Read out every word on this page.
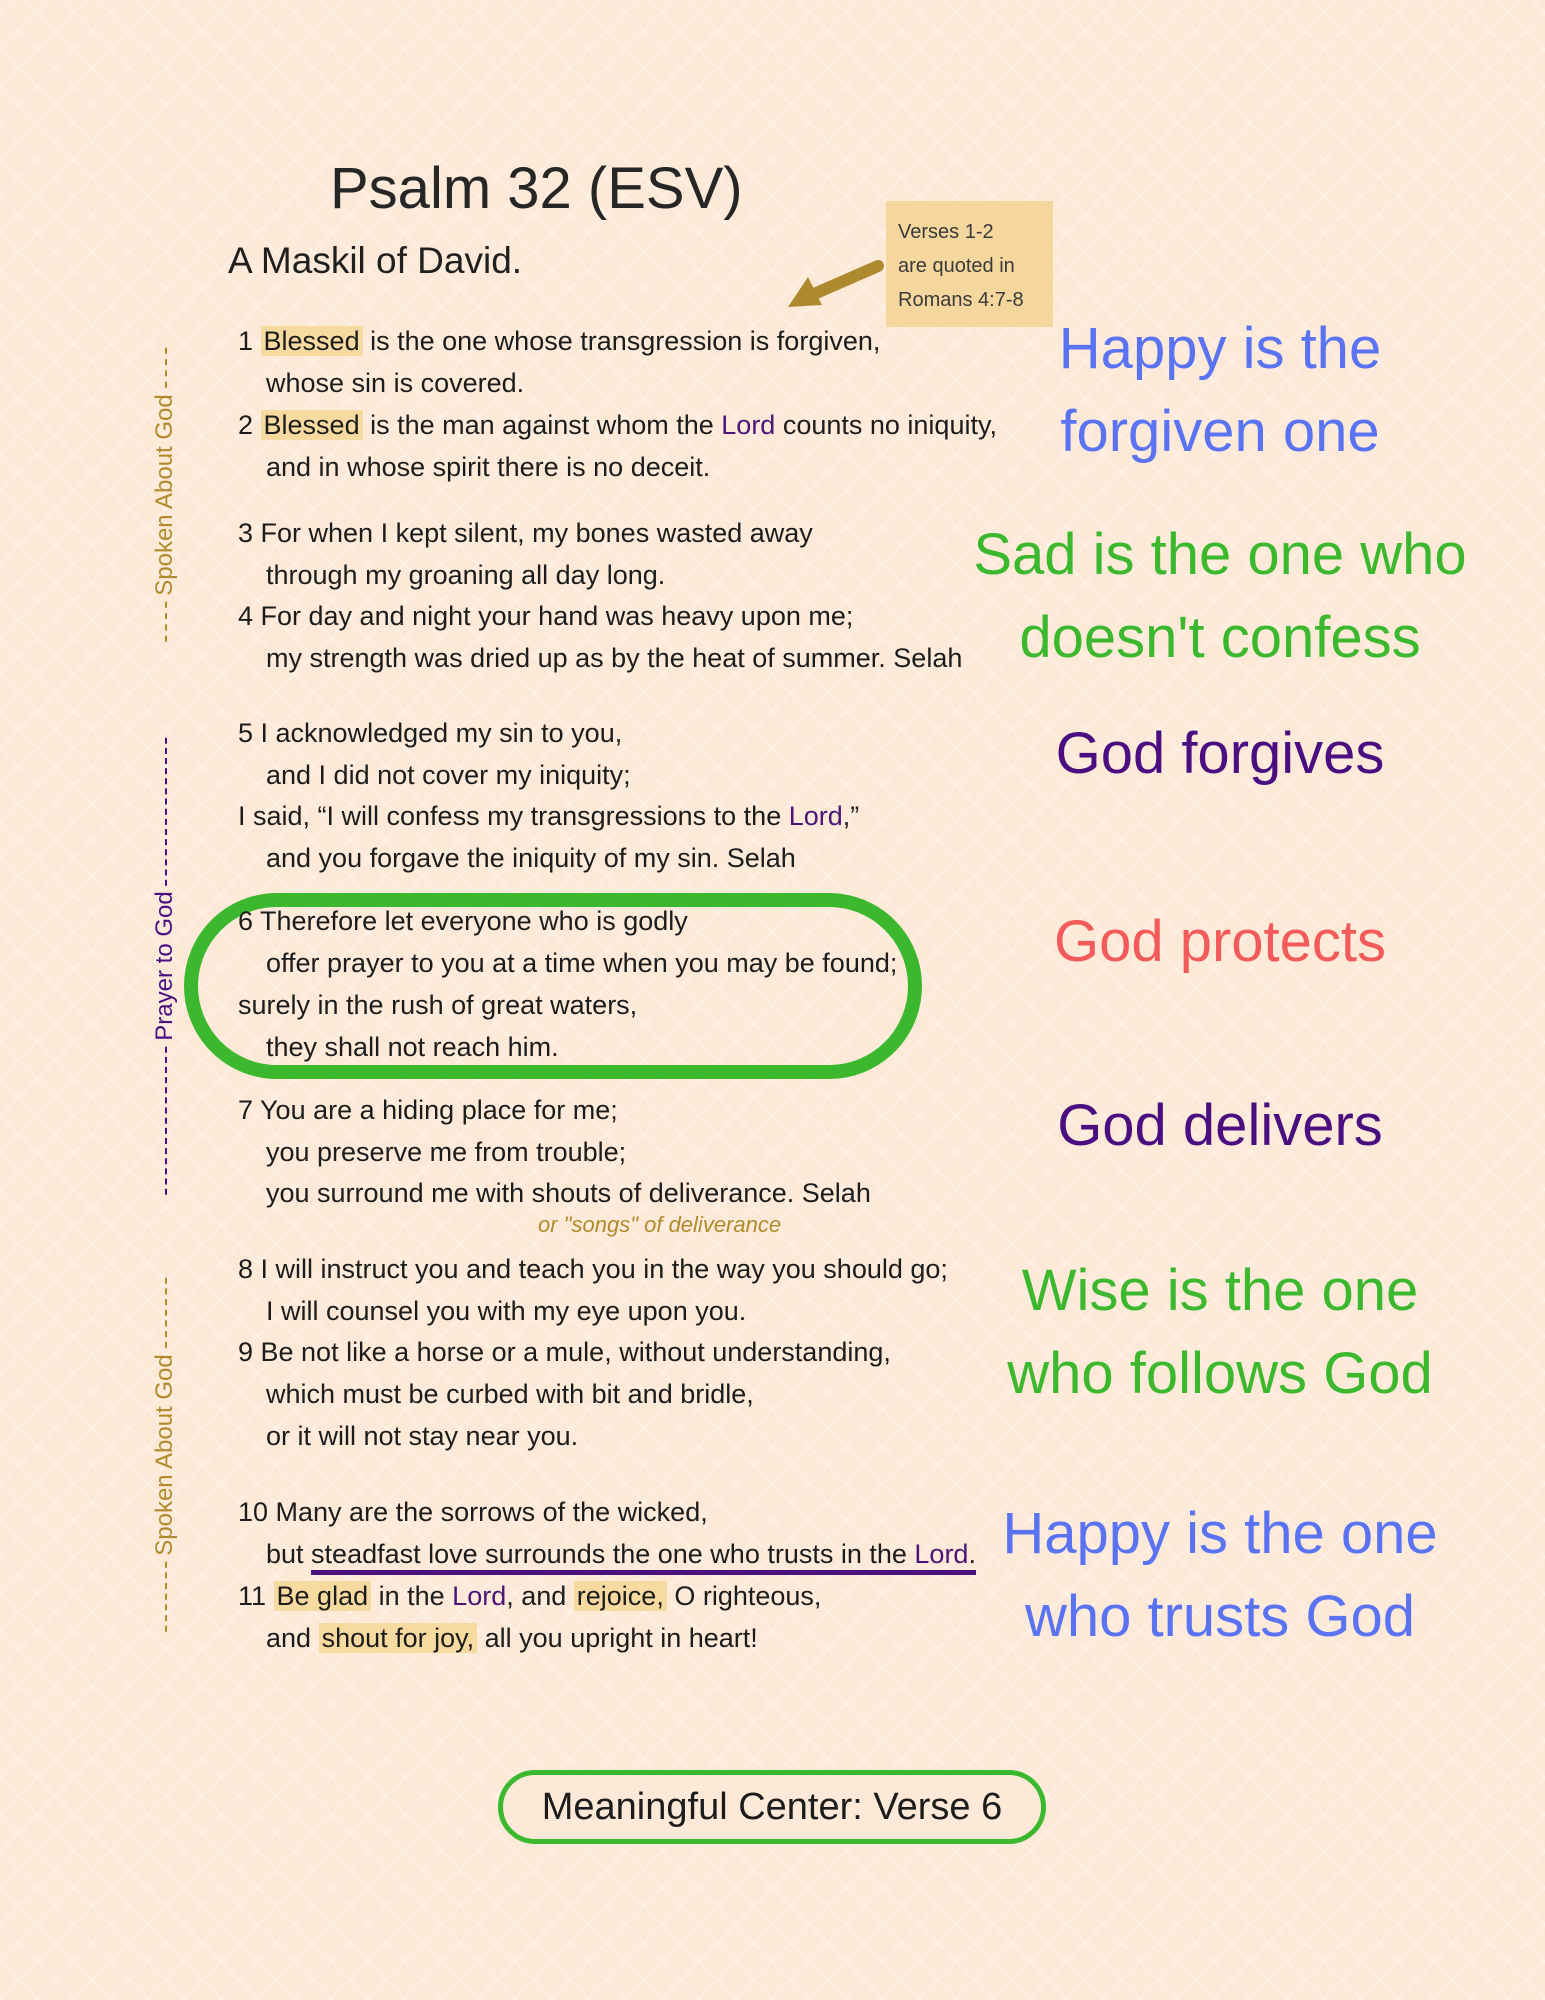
Psalm 32 (ESV)
A Maskil of David.
Verses 1-2
are quoted in
Romans 4:7-8
1 Blessed is the one whose transgression is forgiven,
whose sin is covered.
2 Blessed is the man against whom the Lord counts no iniquity,
and in whose spirit there is no deceit.
3 For when I kept silent, my bones wasted away
through my groaning all day long.
4 For day and night your hand was heavy upon me;
my strength was dried up as by the heat of summer. Selah
5 I acknowledged my sin to you,
and I did not cover my iniquity;
I said, “I will confess my transgressions to the Lord,”
and you forgave the iniquity of my sin. Selah
6 Therefore let everyone who is godly
offer prayer to you at a time when you may be found;
surely in the rush of great waters,
they shall not reach him.
7 You are a hiding place for me;
you preserve me from trouble;
you surround me with shouts of deliverance. Selah
or "songs" of deliverance
8 I will instruct you and teach you in the way you should go;
I will counsel you with my eye upon you.
9 Be not like a horse or a mule, without understanding,
which must be curbed with bit and bridle,
or it will not stay near you.
10 Many are the sorrows of the wicked,
but steadfast love surrounds the one who trusts in the Lord.
11 Be glad in the Lord, and rejoice, O righteous,
and shout for joy, all you upright in heart!
Spoken About God
Prayer to God
Spoken About God
Happy is the
forgiven one
Sad is the one who
doesn't confess
God forgives
God protects
God delivers
Wise is the one
who follows God
Happy is the one
who trusts God
Meaningful Center: Verse 6
